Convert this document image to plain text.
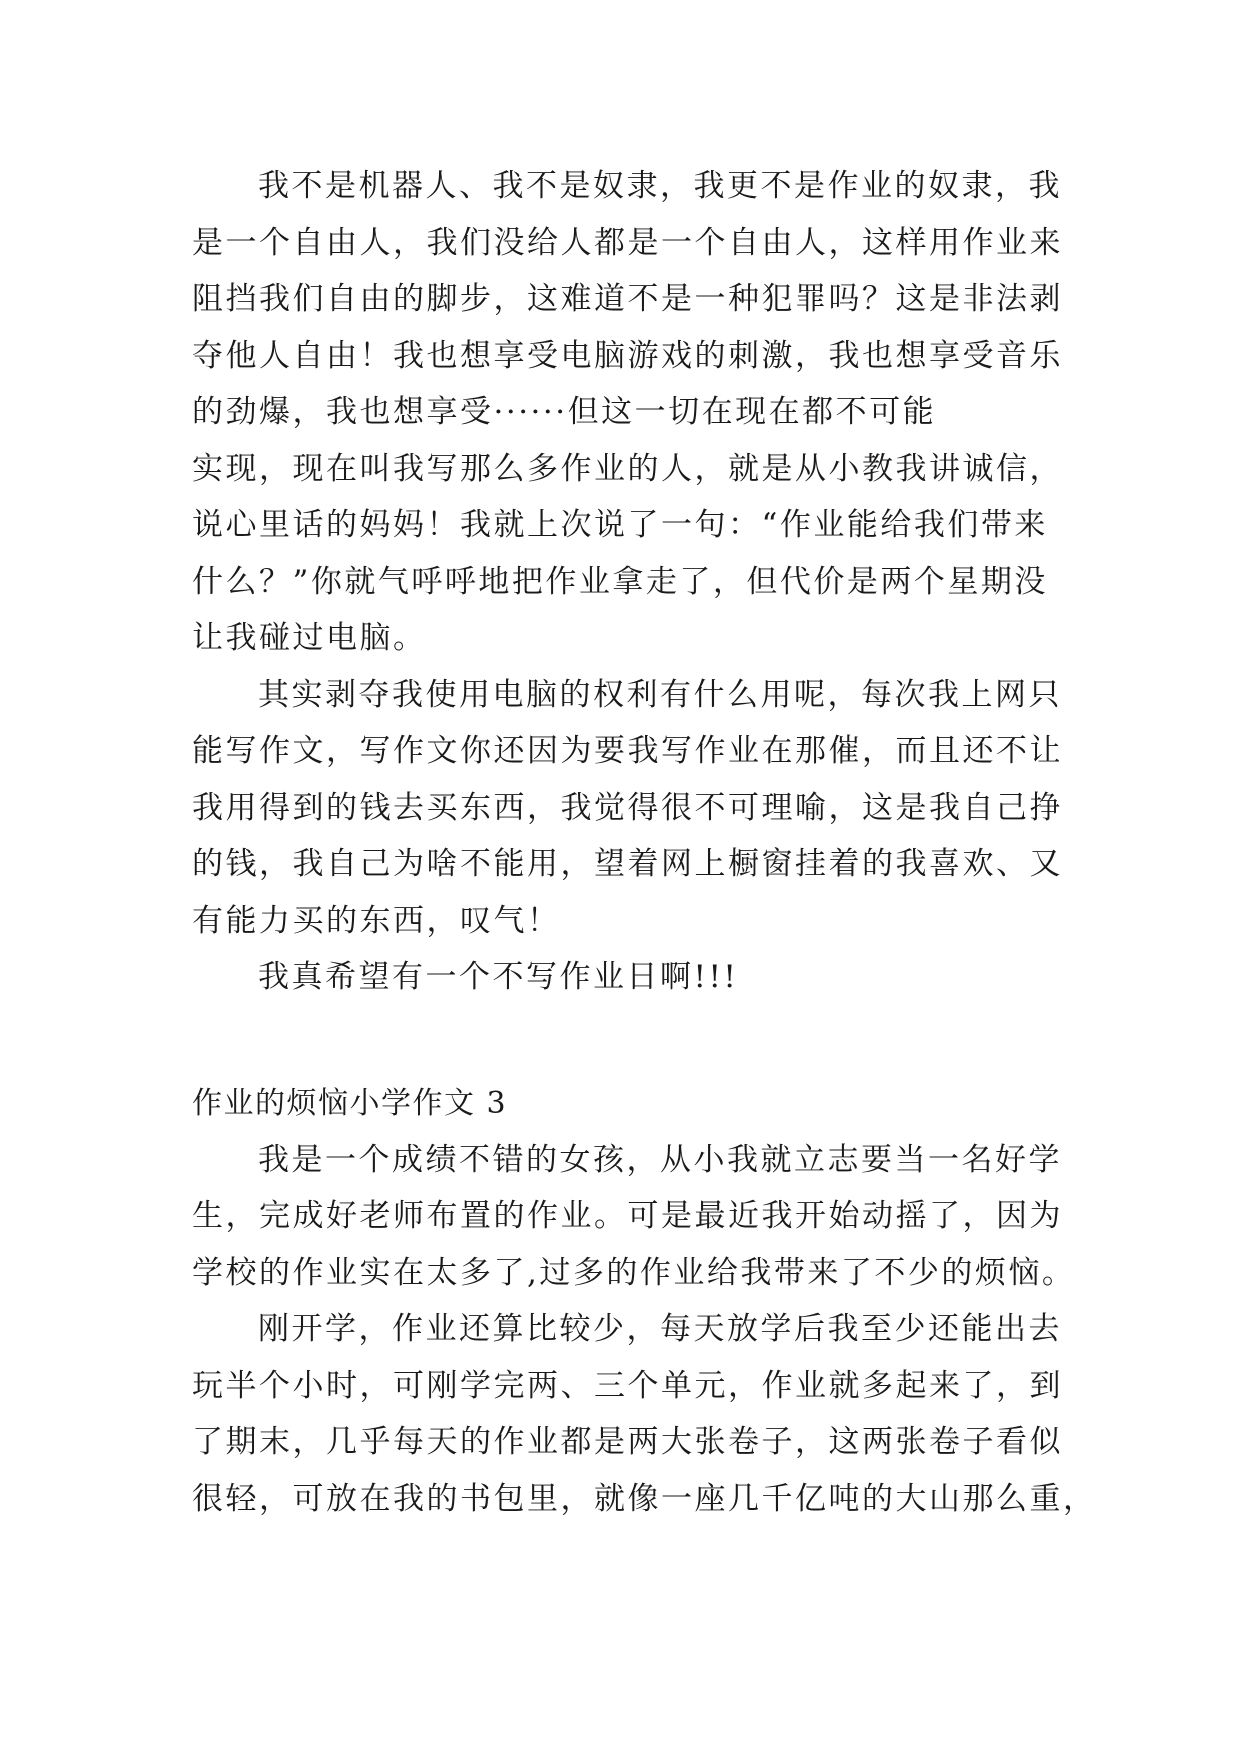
我不是机器人、我不是奴隶，我更不是作业的奴隶，我
是一个自由人，我们没给人都是一个自由人，这样用作业来
阻挡我们自由的脚步，这难道不是一种犯罪吗？这是非法剥
夺他人自由！我也想享受电脑游戏的刺激，我也想享受音乐
的劲爆，我也想享受······但这一切在现在都不可能
实现，现在叫我写那么多作业的人，就是从小教我讲诚信，
说心里话的妈妈！我就上次说了一句：“作业能给我们带来
什么？”你就气呼呼地把作业拿走了，但代价是两个星期没
让我碰过电脑。
其实剥夺我使用电脑的权利有什么用呢，每次我上网只
能写作文，写作文你还因为要我写作业在那催，而且还不让
我用得到的钱去买东西，我觉得很不可理喻，这是我自己挣
的钱，我自己为啥不能用，望着网上橱窗挂着的我喜欢、又
有能力买的东西，叹气！
我真希望有一个不写作业日啊!!!
作业的烦恼小学作文 3
我是一个成绩不错的女孩，从小我就立志要当一名好学
生，完成好老师布置的作业。可是最近我开始动摇了，因为
学校的作业实在太多了,过多的作业给我带来了不少的烦恼。
刚开学，作业还算比较少，每天放学后我至少还能出去
玩半个小时，可刚学完两、三个单元，作业就多起来了，到
了期末，几乎每天的作业都是两大张卷子，这两张卷子看似
很轻，可放在我的书包里，就像一座几千亿吨的大山那么重，
